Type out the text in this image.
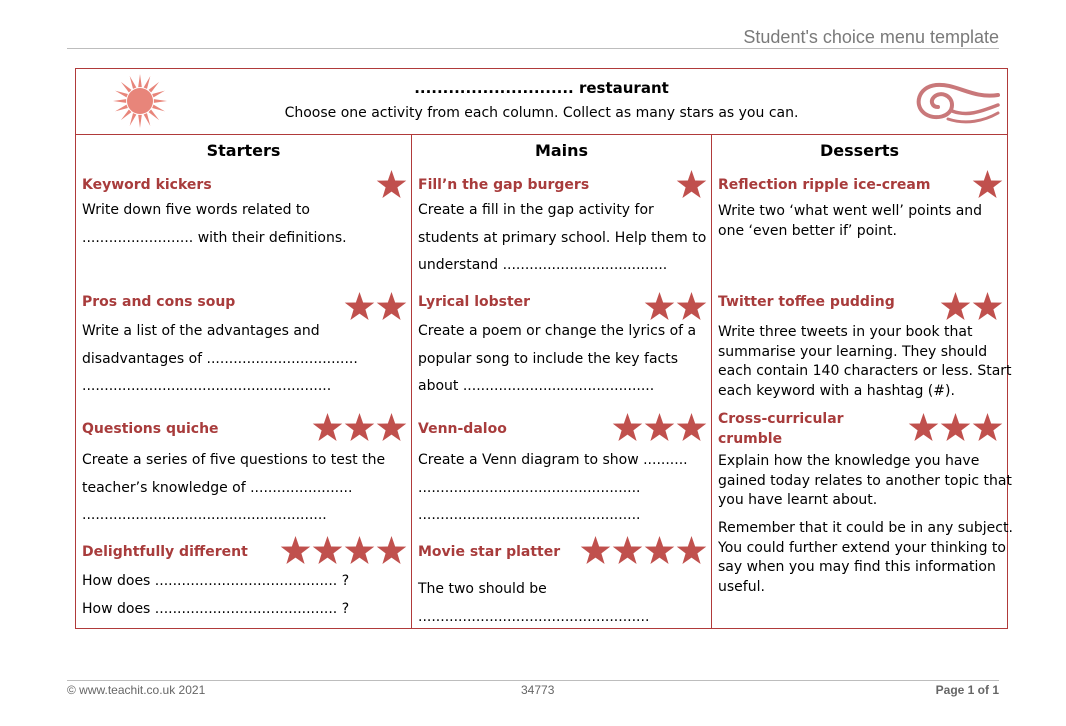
Student's choice menu template
............................ restaurant
Choose one activity from each column. Collect as many stars as you can.
Starters
Keyword kickers
Write down five words related to
......................... with their definitions.
Pros and cons soup
Write a list of the advantages and
disadvantages of ..................................
........................................................
Questions quiche
Create a series of five questions to test the
teacher’s knowledge of .......................
.......................................................
Delightfully different
How does ......................................... ?
How does ......................................... ?
Mains
Fill’n the gap burgers
Create a fill in the gap activity for
students at primary school. Help them to
understand .....................................
Lyrical lobster
Create a poem or change the lyrics of a
popular song to include the key facts
about ...........................................
Venn-daloo
Create a Venn diagram to show ..........
..................................................
..................................................
Movie star platter
The two should be
....................................................
Desserts
Reflection ripple ice-cream
Write two ‘what went well’ points and
one ‘even better if’ point.
Twitter toffee pudding
Write three tweets in your book that
summarise your learning. They should
each contain 140 characters or less. Start
each keyword with a hashtag (#).
Cross-curricular crumble
Explain how the knowledge you have
gained today relates to another topic that
you have learnt about.
Remember that it could be in any subject.
You could further extend your thinking to
say when you may find this information
useful.
© www.teachit.co.uk 2021	34773	Page 1 of 1
